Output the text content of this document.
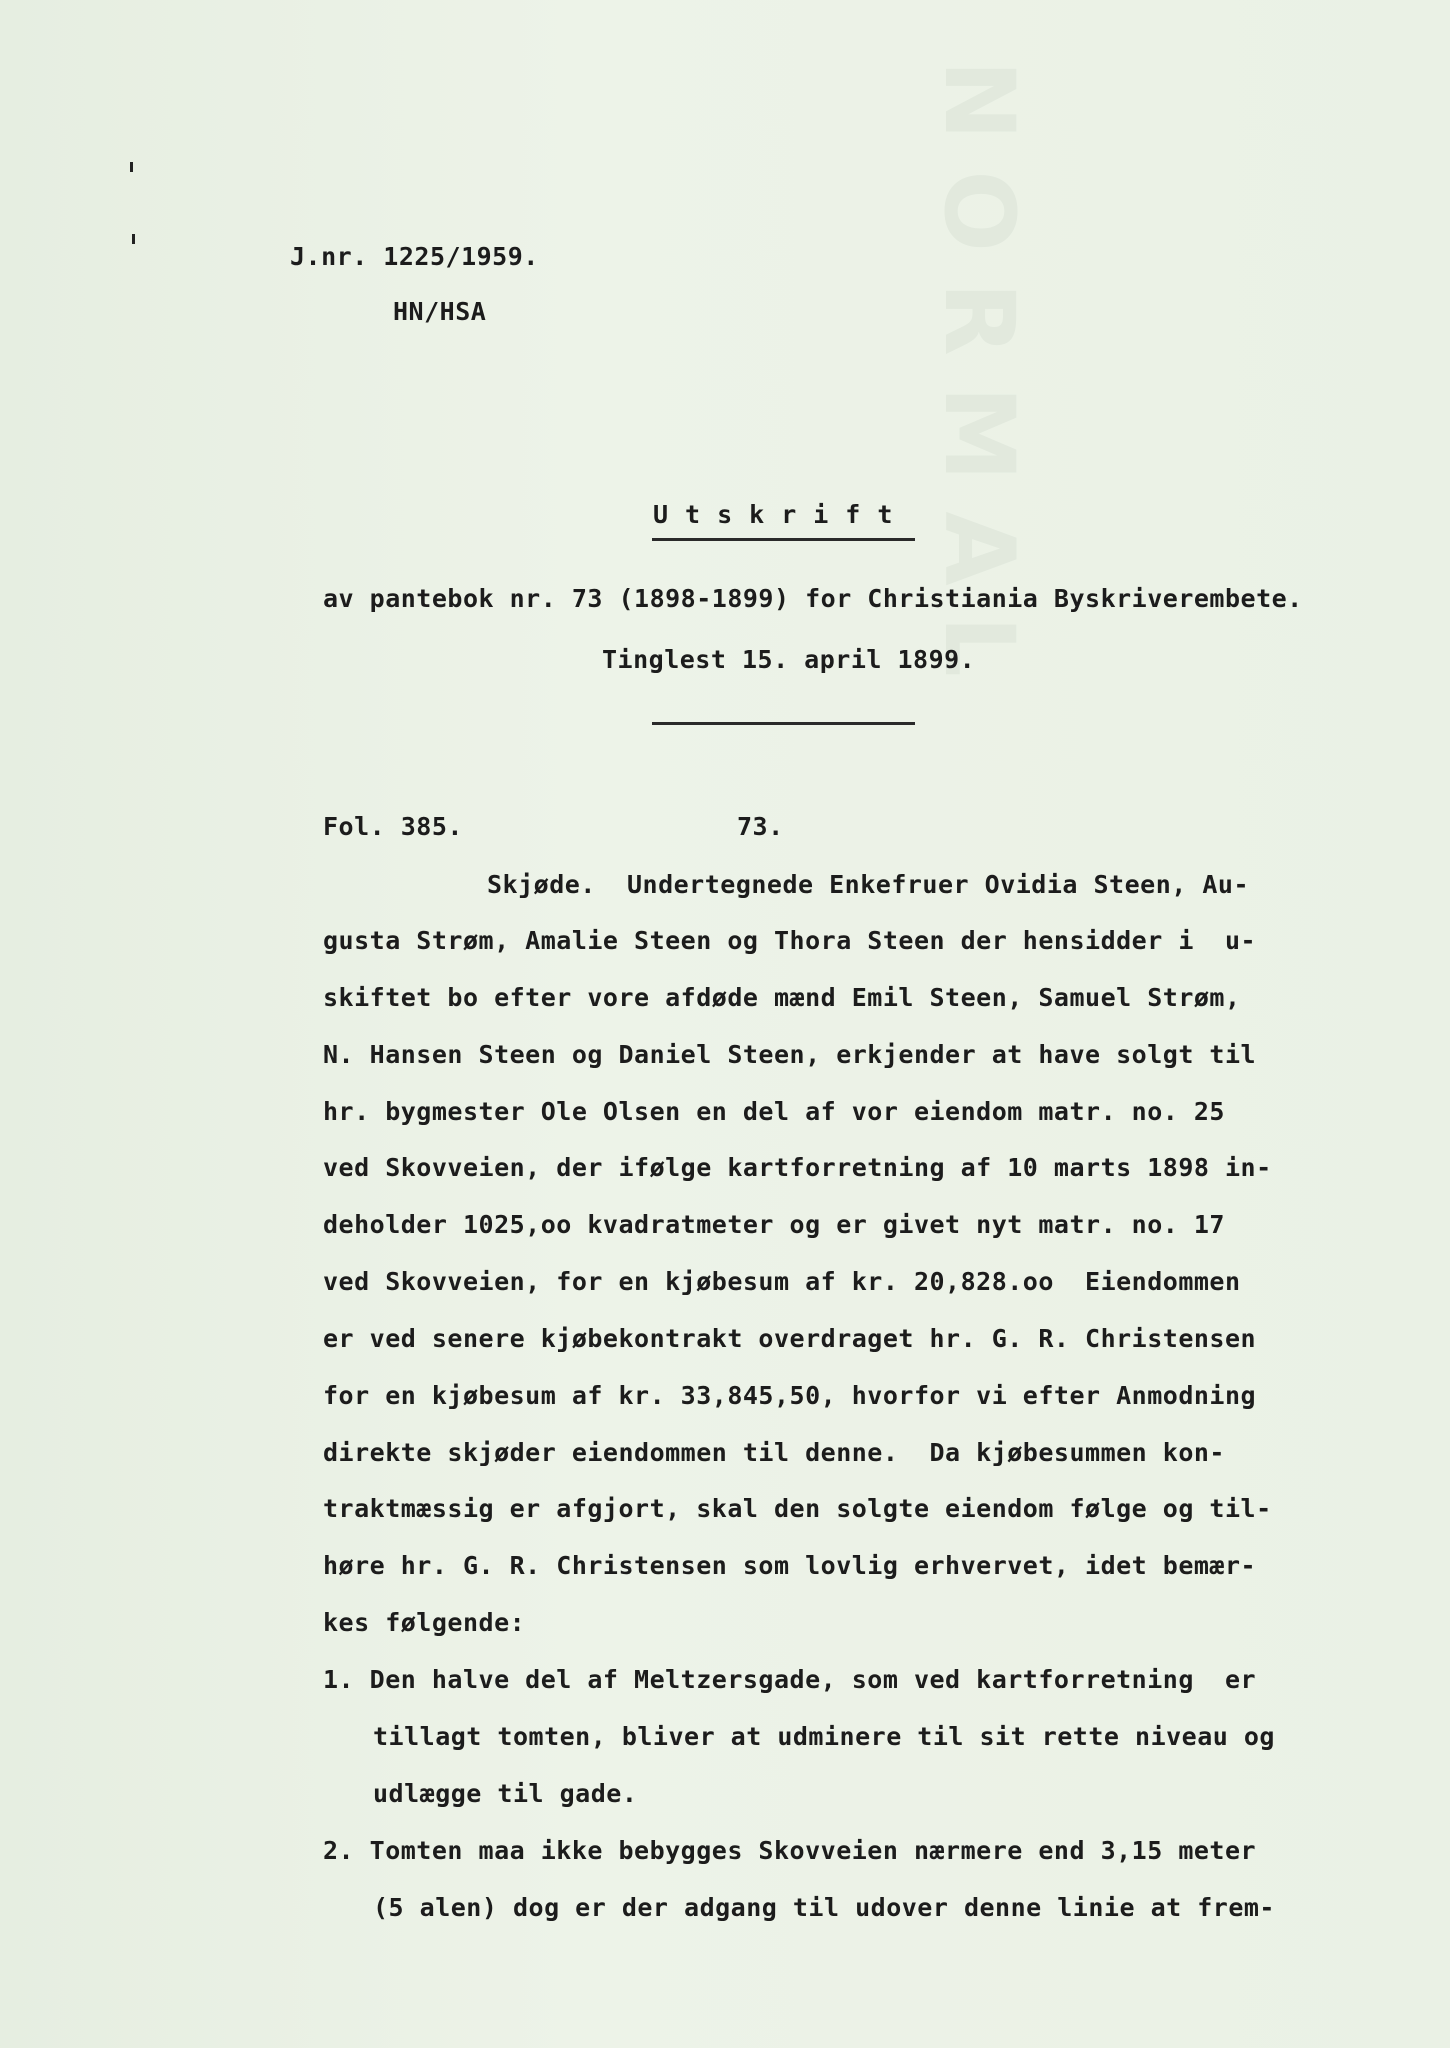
NORMAL
J.nr. 1225/1959.
HN/HSA
Utskrift
av pantebok nr. 73 (1898-1899) for Christiania Byskriverembete.
Tinglest 15. april 1899.
Fol. 385.	73.
Skjøde.  Undertegnede Enkefruer Ovidia Steen, Au-
gusta Strøm, Amalie Steen og Thora Steen der hensidder i  u-
skiftet bo efter vore afdøde mænd Emil Steen, Samuel Strøm,
N. Hansen Steen og Daniel Steen, erkjender at have solgt til
hr. bygmester Ole Olsen en del af vor eiendom matr. no. 25
ved Skovveien, der ifølge kartforretning af 10 marts 1898 in-
deholder 1025,oo kvadratmeter og er givet nyt matr. no. 17
ved Skovveien, for en kjøbesum af kr. 20,828.oo  Eiendommen
er ved senere kjøbekontrakt overdraget hr. G. R. Christensen
for en kjøbesum af kr. 33,845,50, hvorfor vi efter Anmodning
direkte skjøder eiendommen til denne.  Da kjøbesummen kon-
traktmæssig er afgjort, skal den solgte eiendom følge og til-
høre hr. G. R. Christensen som lovlig erhvervet, idet bemær-
kes følgende:
1. Den halve del af Meltzersgade, som ved kartforretning  er
tillagt tomten, bliver at udminere til sit rette niveau og
udlægge til gade.
2. Tomten maa ikke bebygges Skovveien nærmere end 3,15 meter
(5 alen) dog er der adgang til udover denne linie at frem-
